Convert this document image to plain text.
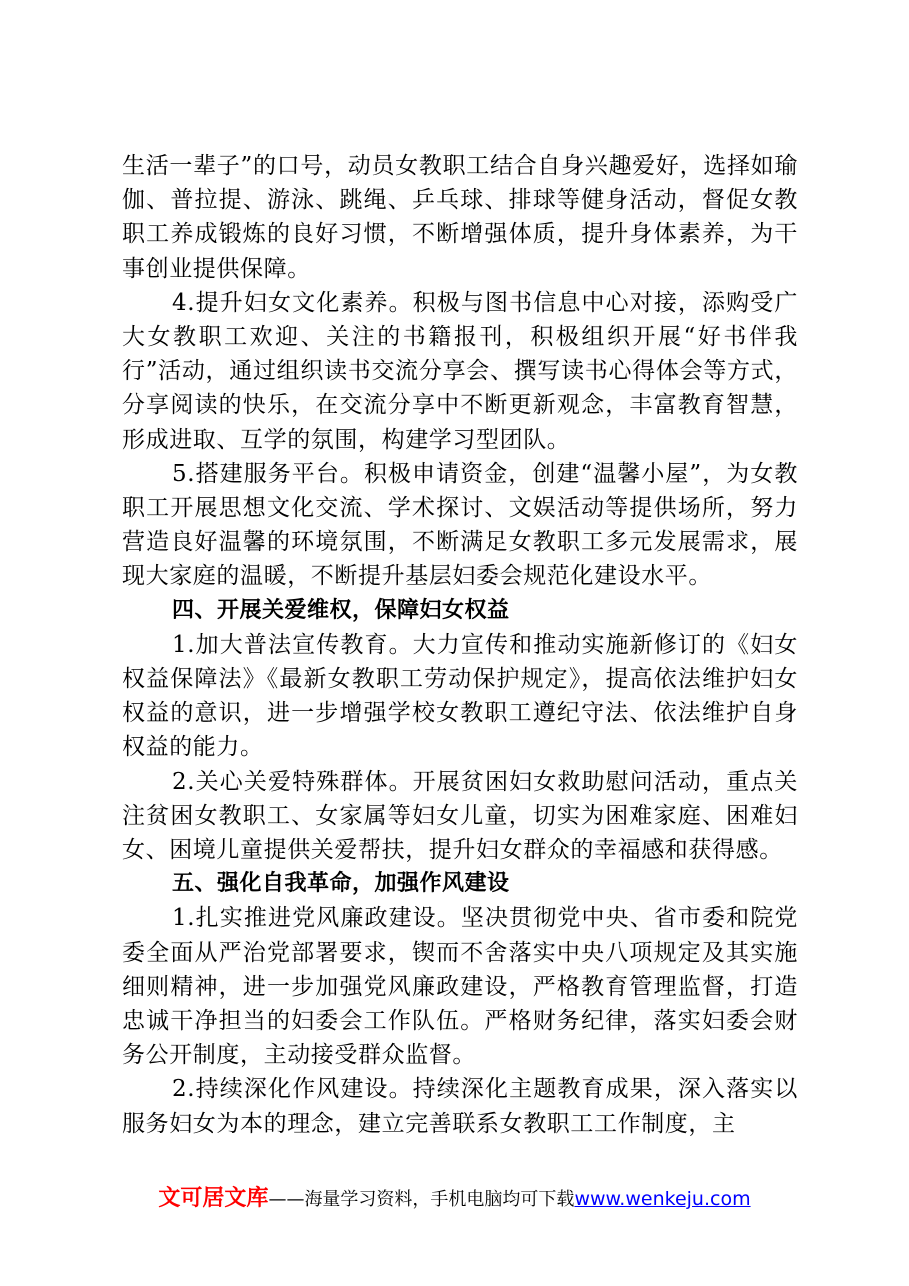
生活一辈子”的口号，动员女教职工结合自身兴趣爱好，选择如瑜伽、普拉提、游泳、跳绳、乒乓球、排球等健身活动，督促女教职工养成锻炼的良好习惯，不断增强体质，提升身体素养，为干事创业提供保障。

4.提升妇女文化素养。积极与图书信息中心对接，添购受广大女教职工欢迎、关注的书籍报刊，积极组织开展“好书伴我行”活动，通过组织读书交流分享会、撰写读书心得体会等方式，分享阅读的快乐，在交流分享中不断更新观念，丰富教育智慧，形成进取、互学的氛围，构建学习型团队。

5.搭建服务平台。积极申请资金，创建“温馨小屋”，为女教职工开展思想文化交流、学术探讨、文娱活动等提供场所，努力营造良好温馨的环境氛围，不断满足女教职工多元发展需求，展现大家庭的温暖，不断提升基层妇委会规范化建设水平。

四、开展关爱维权，保障妇女权益

1.加大普法宣传教育。大力宣传和推动实施新修订的《妇女权益保障法》《最新女教职工劳动保护规定》，提高依法维护妇女权益的意识，进一步增强学校女教职工遵纪守法、依法维护自身权益的能力。

2.关心关爱特殊群体。开展贫困妇女救助慰问活动，重点关注贫困女教职工、女家属等妇女儿童，切实为困难家庭、困难妇女、困境儿童提供关爱帮扶，提升妇女群众的幸福感和获得感。

五、强化自我革命，加强作风建设

1.扎实推进党风廉政建设。坚决贯彻党中央、省市委和院党委全面从严治党部署要求，锲而不舍落实中央八项规定及其实施细则精神，进一步加强党风廉政建设，严格教育管理监督，打造忠诚干净担当的妇委会工作队伍。严格财务纪律，落实妇委会财务公开制度，主动接受群众监督。

2.持续深化作风建设。持续深化主题教育成果，深入落实以服务妇女为本的理念，建立完善联系女教职工工作制度，主

文可居文库——海量学习资料，手机电脑均可下载www.wenkeju.com
